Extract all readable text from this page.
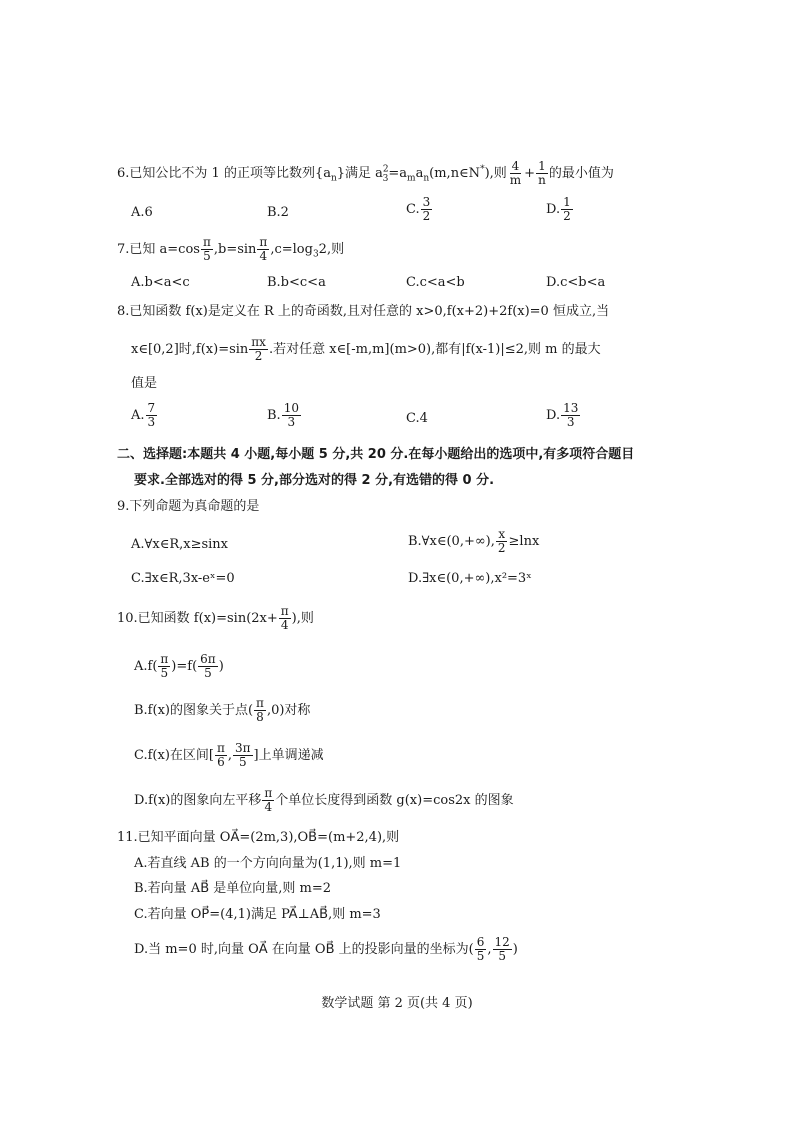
6.已知公比不为 1 的正项等比数列$\{a_n\}$满足 $a^2_3=a_ma_n(m,n\in N^*)$,则 $\frac{4}{m} + \frac{1}{n}$ 的最小值为
A.6	B.2	C. $\frac{3}{2}$	D. $\frac{1}{2}$
7.已知 $a=\cos \frac{\pi}{5} ,b=\sin \frac{\pi}{4} ,c=\log_32$,则
A.b<a<c	B.b<c<a	C.c<a<b	D.c<b<a
8.已知函数 f(x)是定义在 R 上的奇函数,且对任意的 x>0,f(x+2)+2f(x)=0 恒成立,当
x∈[0,2]时$,f(x)=\sin \frac{\pi x}{2}$ .若对任意 x∈[-m,m](m>0),都有|f(x-1)|≤2,则 m 的最大
值是
A. $\frac{7}{3}$	B. $\frac{10}{3}$	C.4	D. $\frac{13}{3}$
二、选择题:本题共 4 小题,每小题 5 分,共 20 分.在每小题给出的选项中,有多项符合题目
要求.全部选对的得 5 分,部分选对的得 2 分,有选错的得 0 分.
9.下列命题为真命题的是
A.∀x∈R,x≥sinx	B.∀x∈(0,+∞), $\frac{x}{2} \ge\ln x$
C.∃x∈R,3x-eˣ=0	D.∃x∈(0,+∞),x²=3ˣ
10.已知函数 $f(x)=\sin(2x+ \frac{\pi}{4}$ ),则
$A.f( \frac{\pi}{5} )=f( \frac{6\pi}{5}$ )
B.f(x)的图象关于点( $\frac{\pi}{8} ,0$)对称
C.f(x)在区间[ $\frac{\pi}{6}$ , $\frac{3\pi}{5}$ ]上单调递减
D.f(x)的图象向左平移 $\frac{\pi}{4}$ 个单位长度得到函数 g(x)=cos2x 的图象
11.已知平面向量 OA⃗=(2m,3),OB⃗=(m+2,4),则
A.若直线 AB 的一个方向向量为(1,1),则 m=1
B.若向量 AB⃗ 是单位向量,则 m=2
C.若向量 OP⃗=(4,1)满足 PA⃗⊥AB⃗,则 m=3
D.当 m=0 时,向量 OA⃗ 在向量 OB⃗ 上的投影向量的坐标为( $\frac{6}{5}$ , $\frac{12}{5}$ )
数学试题 第 2 页(共 4 页)
